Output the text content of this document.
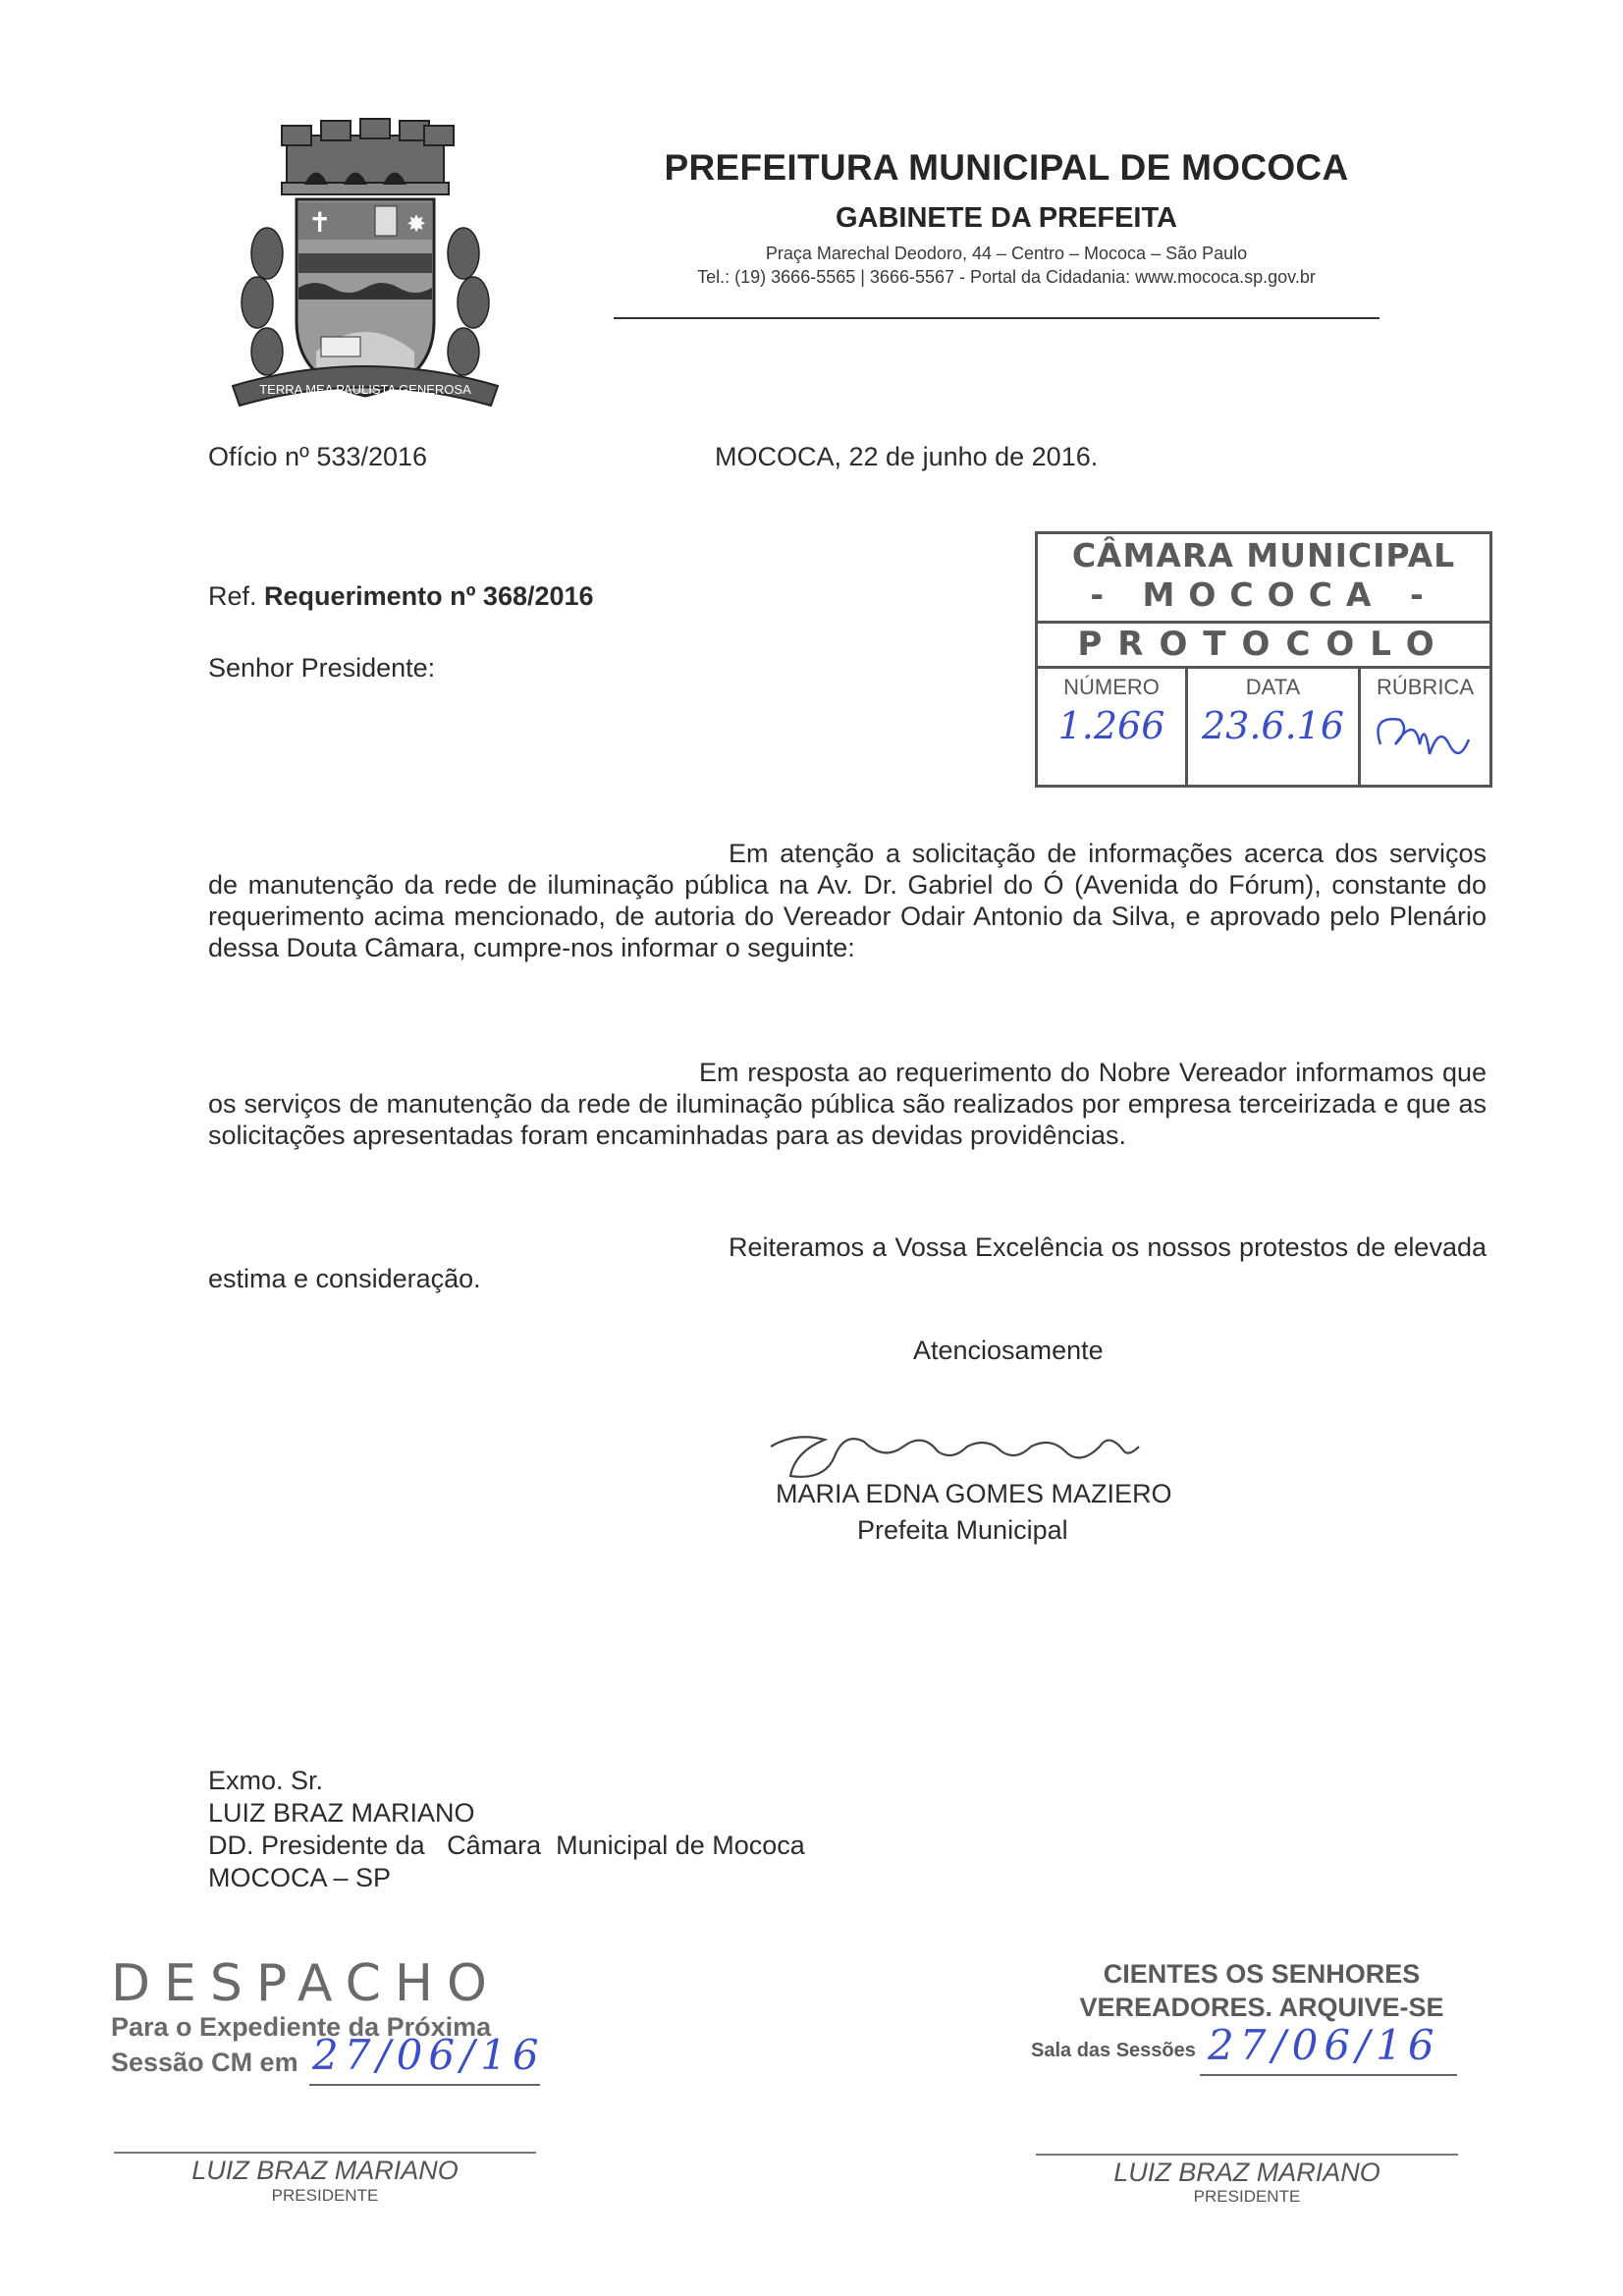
✝	✸
TERRA MEA PAULISTA GENEROSA
PREFEITURA MUNICIPAL DE MOCOCA
GABINETE DA PREFEITA
Praça Marechal Deodoro, 44 – Centro – Mococa – São Paulo
Tel.: (19) 3666-5565 | 3666-5567 - Portal da Cidadania: www.mococa.sp.gov.br
Ofício nº 533/2016	MOCOCA, 22 de junho de 2016.
Ref. Requerimento nº 368/2016
Senhor Presidente:
CÂMARA MUNICIPAL
- MOCOCA -
PROTOCOLO
NÚMERO
1.266
DATA
23.6.16
RÚBRICA
Em atenção a solicitação de informações acerca dos serviços de manutenção da rede de iluminação pública na Av. Dr. Gabriel do Ó (Avenida do Fórum), constante do requerimento acima mencionado, de autoria do Vereador Odair Antonio da Silva, e aprovado pelo Plenário dessa Douta Câmara, cumpre-nos informar o seguinte:
Em resposta ao requerimento do Nobre Vereador informamos que os serviços de manutenção da rede de iluminação pública são realizados por empresa terceirizada e que as solicitações apresentadas foram encaminhadas para as devidas providências.
Reiteramos a Vossa Excelência os nossos protestos de elevada estima e consideração.
Atenciosamente
MARIA EDNA GOMES MAZIERO
Prefeita Municipal
Exmo. Sr.
LUIZ BRAZ MARIANO
DD. Presidente da   Câmara  Municipal de Mococa
MOCOCA – SP
DESPACHO
Para o Expediente da Próxima
Sessão CM em 27/06/16
LUIZ BRAZ MARIANO
PRESIDENTE
CIENTES OS SENHORES
VEREADORES. ARQUIVE-SE
Sala das Sessões 27/06/16
LUIZ BRAZ MARIANO
PRESIDENTE
